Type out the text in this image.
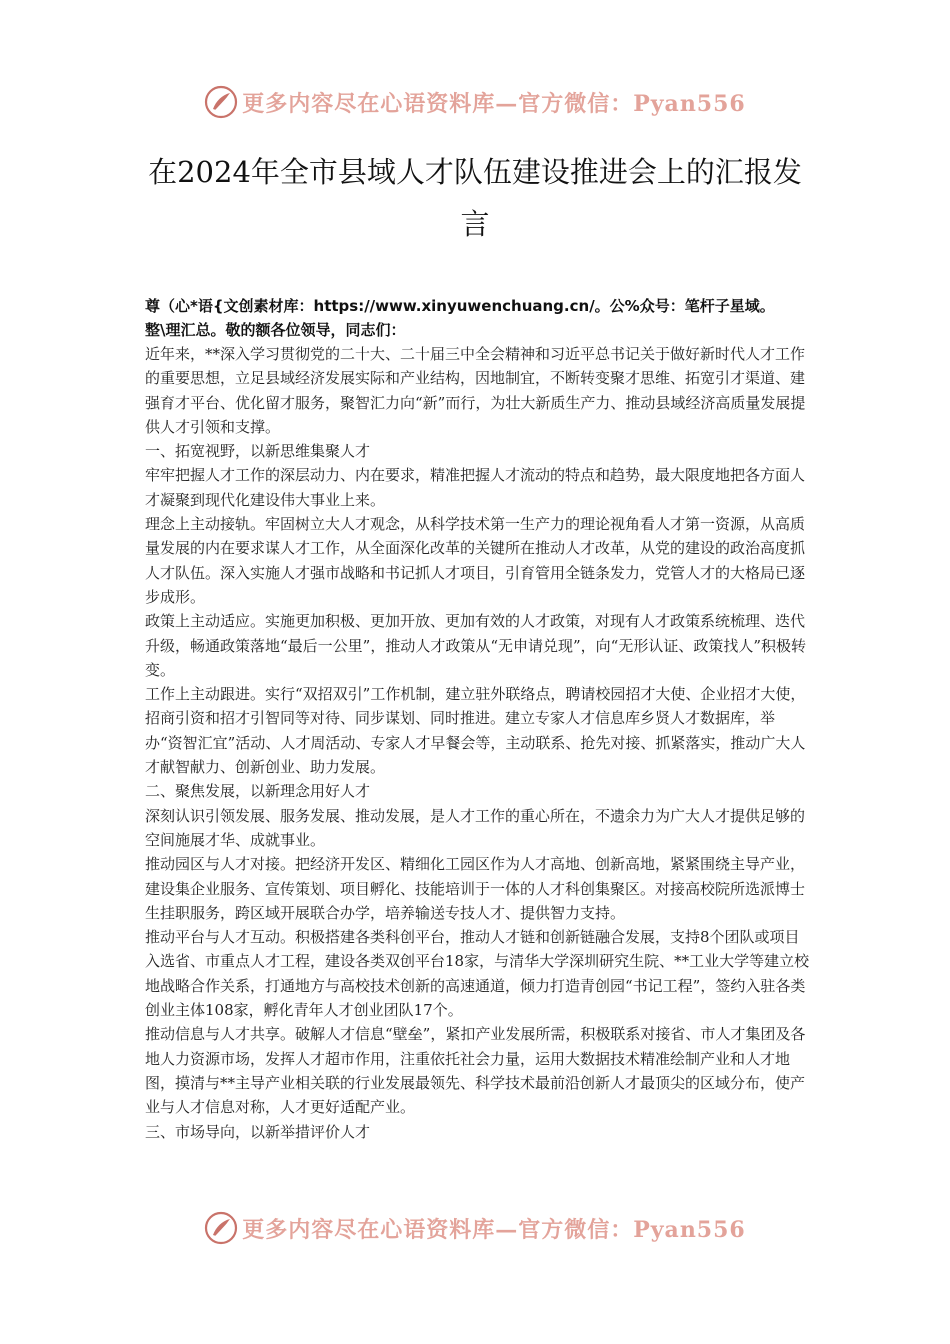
更多内容尽在心语资料库—官方微信：Pyan556
在2024年全市县域人才队伍建设推进会上的汇报发
言
尊（心*语{文创素材库：https://www.xinyuwenchuang.cn/。公%众号：笔杆子星域。
整\理汇总。敬的额各位领导，同志们：

近年来，**深入学习贯彻党的二十大、二十届三中全会精神和习近平总书记关于做好新时代人才工作的重要思想，立足县域经济发展实际和产业结构，因地制宜，不断转变聚才思维、拓宽引才渠道、建强育才平台、优化留才服务，聚智汇力向“新”而行，为壮大新质生产力、推动县域经济高质量发展提供人才引领和支撑。

一、拓宽视野，以新思维集聚人才

牢牢把握人才工作的深层动力、内在要求，精准把握人才流动的特点和趋势，最大限度地把各方面人才凝聚到现代化建设伟大事业上来。

理念上主动接轨。牢固树立大人才观念，从科学技术第一生产力的理论视角看人才第一资源，从高质量发展的内在要求谋人才工作，从全面深化改革的关键所在推动人才改革，从党的建设的政治高度抓人才队伍。深入实施人才强市战略和书记抓人才项目，引育管用全链条发力，党管人才的大格局已逐步成形。

政策上主动适应。实施更加积极、更加开放、更加有效的人才政策，对现有人才政策系统梳理、迭代升级，畅通政策落地“最后一公里”，推动人才政策从“无申请兑现”，向“无形认证、政策找人”积极转变。

工作上主动跟进。实行“双招双引”工作机制，建立驻外联络点，聘请校园招才大使、企业招才大使，招商引资和招才引智同等对待、同步谋划、同时推进。建立专家人才信息库乡贤人才数据库，举办“资智汇宜”活动、人才周活动、专家人才早餐会等，主动联系、抢先对接、抓紧落实，推动广大人才献智献力、创新创业、助力发展。

二、聚焦发展，以新理念用好人才

深刻认识引领发展、服务发展、推动发展，是人才工作的重心所在，不遗余力为广大人才提供足够的空间施展才华、成就事业。

推动园区与人才对接。把经济开发区、精细化工园区作为人才高地、创新高地，紧紧围绕主导产业，建设集企业服务、宣传策划、项目孵化、技能培训于一体的人才科创集聚区。对接高校院所选派博士生挂职服务，跨区域开展联合办学，培养输送专技人才、提供智力支持。

推动平台与人才互动。积极搭建各类科创平台，推动人才链和创新链融合发展，支持8个团队或项目入选省、市重点人才工程，建设各类双创平台18家，与清华大学深圳研究生院、**工业大学等建立校地战略合作关系，打通地方与高校技术创新的高速通道，倾力打造青创园“书记工程”，签约入驻各类创业主体108家，孵化青年人才创业团队17个。

推动信息与人才共享。破解人才信息“壁垒”，紧扣产业发展所需，积极联系对接省、市人才集团及各地人力资源市场，发挥人才超市作用，注重依托社会力量，运用大数据技术精准绘制产业和人才地图，摸清与**主导产业相关联的行业发展最领先、科学技术最前沿创新人才最顶尖的区域分布，使产业与人才信息对称，人才更好适配产业。

三、市场导向，以新举措评价人才

更多内容尽在心语资料库—官方微信：Pyan556
